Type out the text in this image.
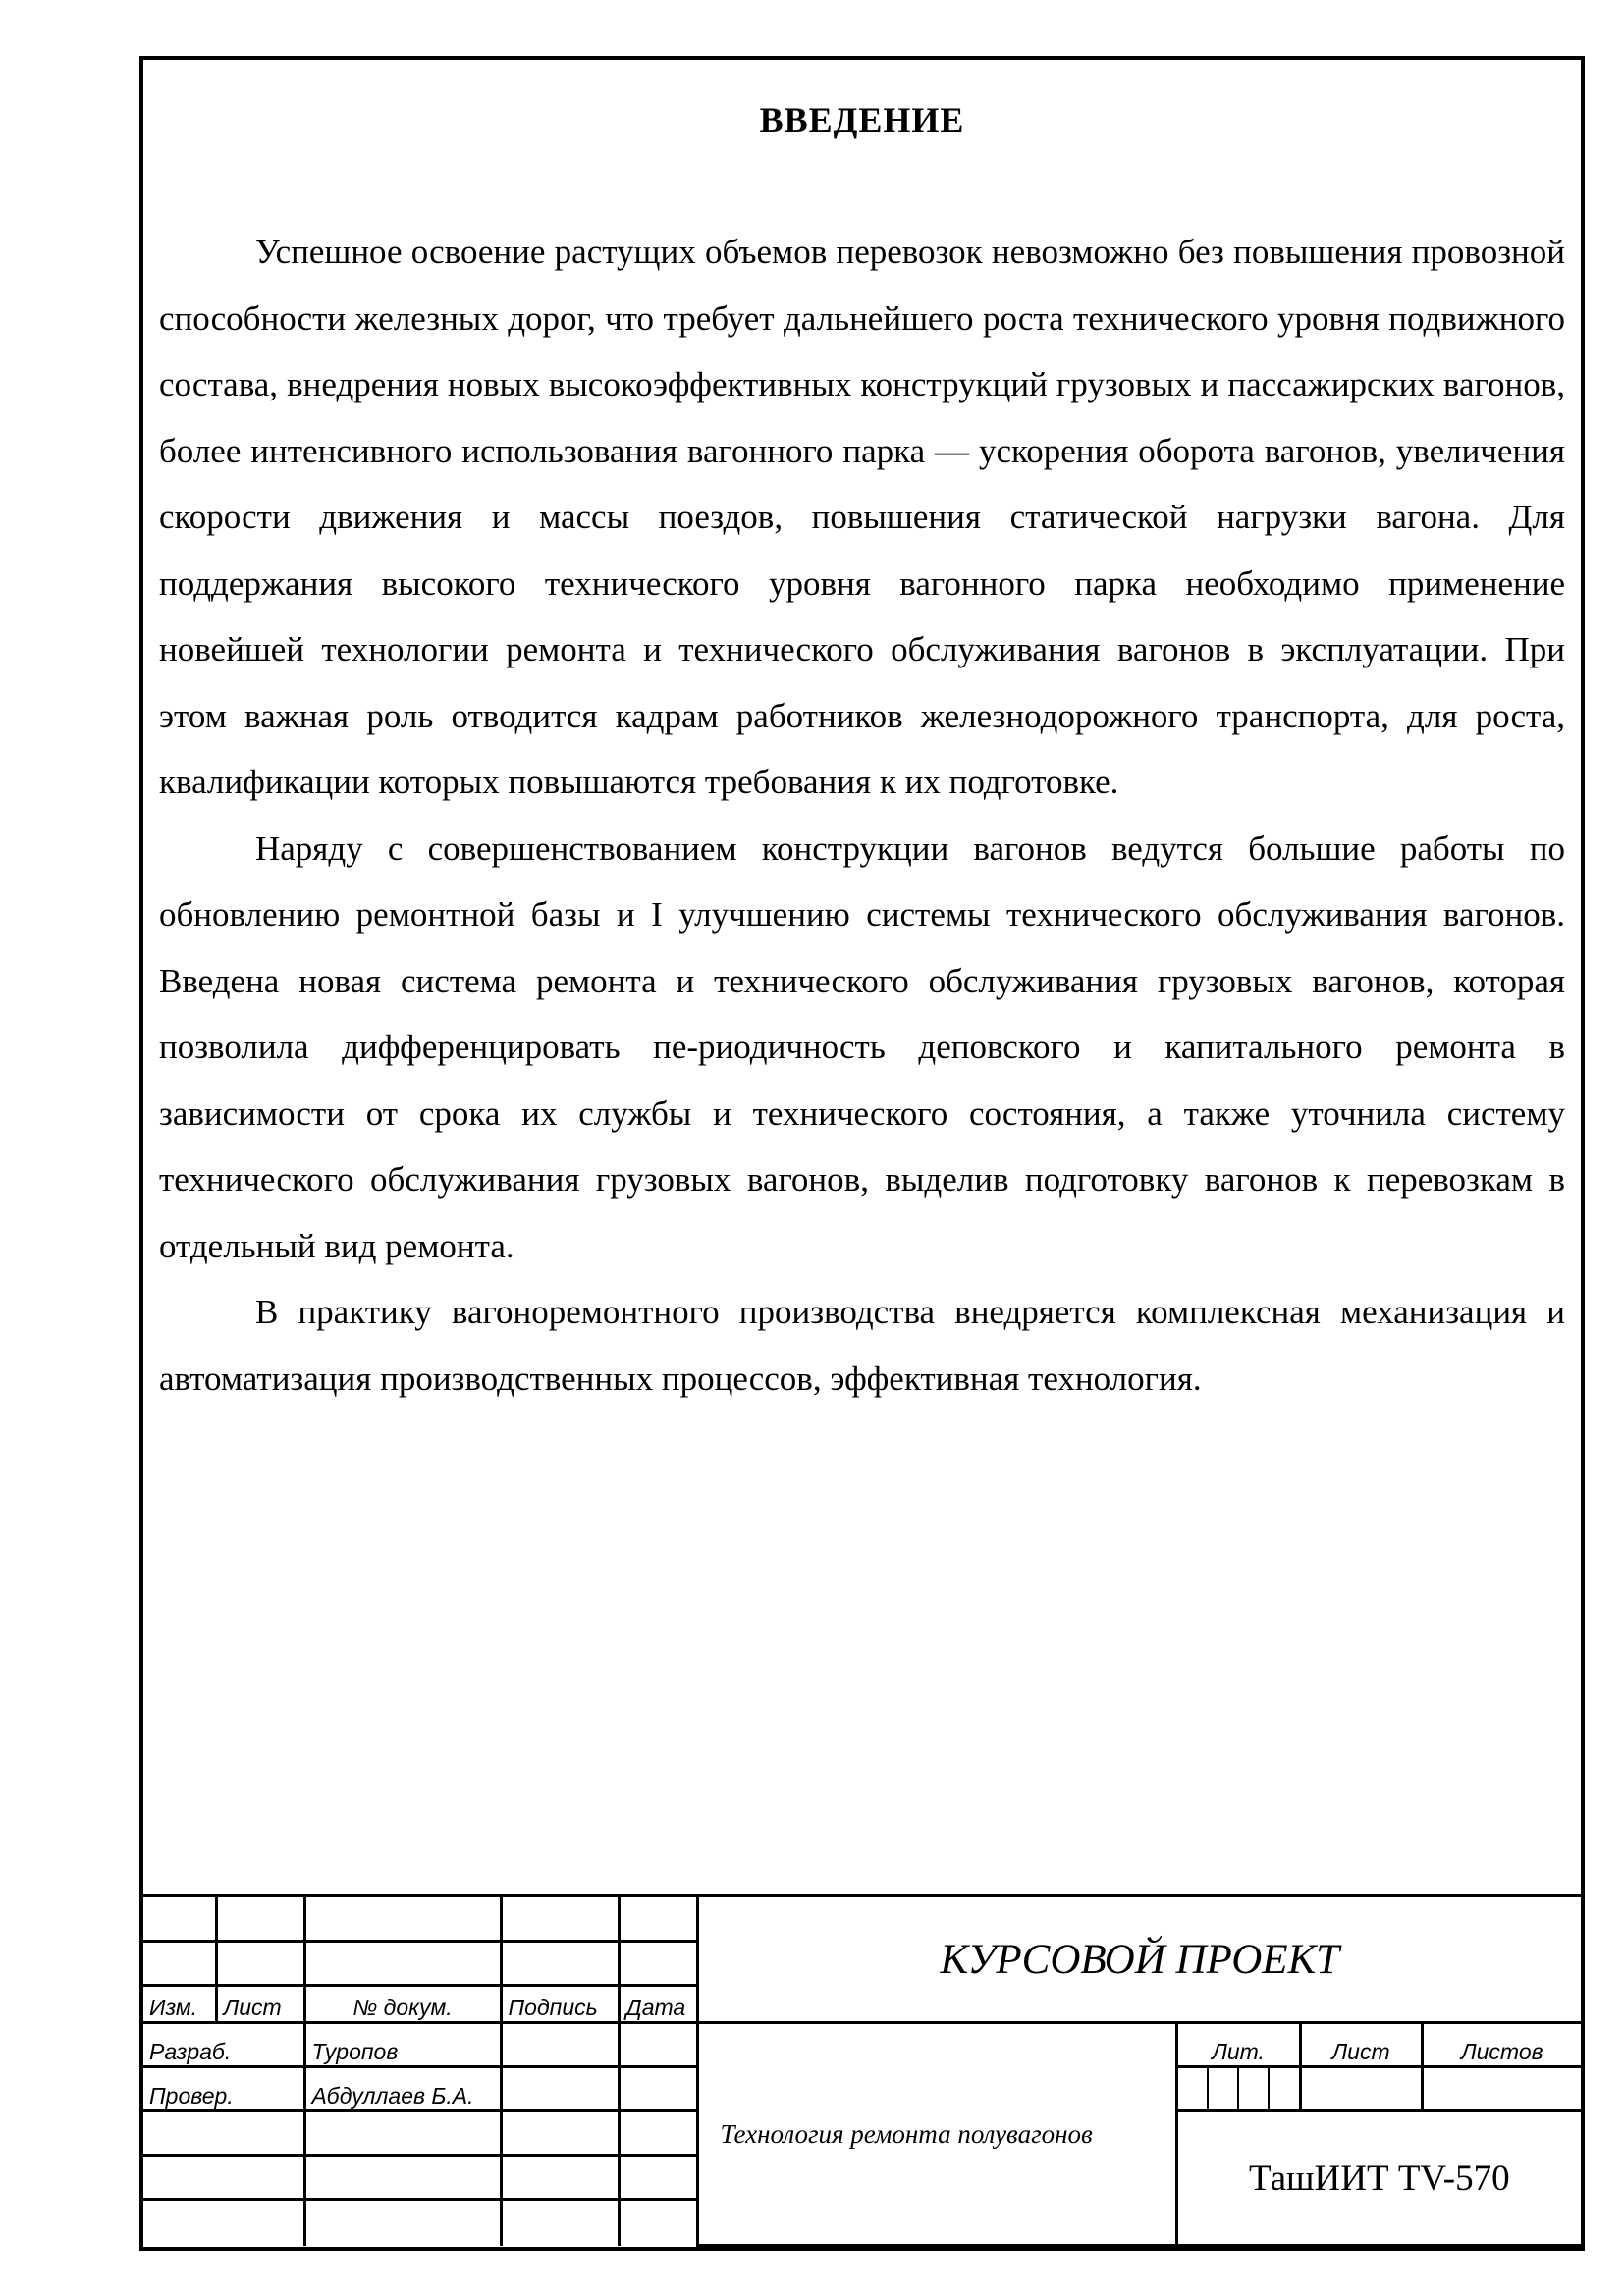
ВВЕДЕНИЕ

Успешное освоение растущих объемов перевозок невозможно без повышения провозной способности железных дорог, что требует дальнейшего роста технического уровня подвижного состава, внедрения новых высокоэффективных конструкций грузовых и пассажирских вагонов, более интенсивного использования вагонного парка — ускорения оборота вагонов, увеличения скорости движения и массы поездов, повышения статической нагрузки вагона. Для поддержания высокого технического уровня вагонного парка необходимо применение новейшей технологии ремонта и технического обслуживания вагонов в эксплуатации. При этом важная роль отводится кадрам работников железнодорожного транспорта, для роста, квалификации которых повышаются требования к их подготовке.

Наряду с совершенствованием конструкции вагонов ведутся большие работы по обновлению ремонтной базы и I улучшению системы технического обслуживания вагонов. Введена новая система ремонта и технического обслуживания грузовых вагонов, которая позволила дифференцировать пе-риодичность деповского и капитального ремонта в зависимости от срока их службы и технического состояния, а также уточнила систему технического обслуживания грузовых вагонов, выделив подготовку вагонов к перевозкам в отдельный вид ремонта.

В практику вагоноремонтного производства внедряется комплексная механизация и автоматизация производственных процессов, эффективная технология.

					КУРСОВОЙ ПРОЕКТ

Изм.	Лист	№ докум.	Подпись	Дата
Разраб.	Туропов			Технология ремонта полувагонов	Лит.	Лист	Листов
Провер.	Абдуллаев Б.А.			

				ТашИИТ TV-570
